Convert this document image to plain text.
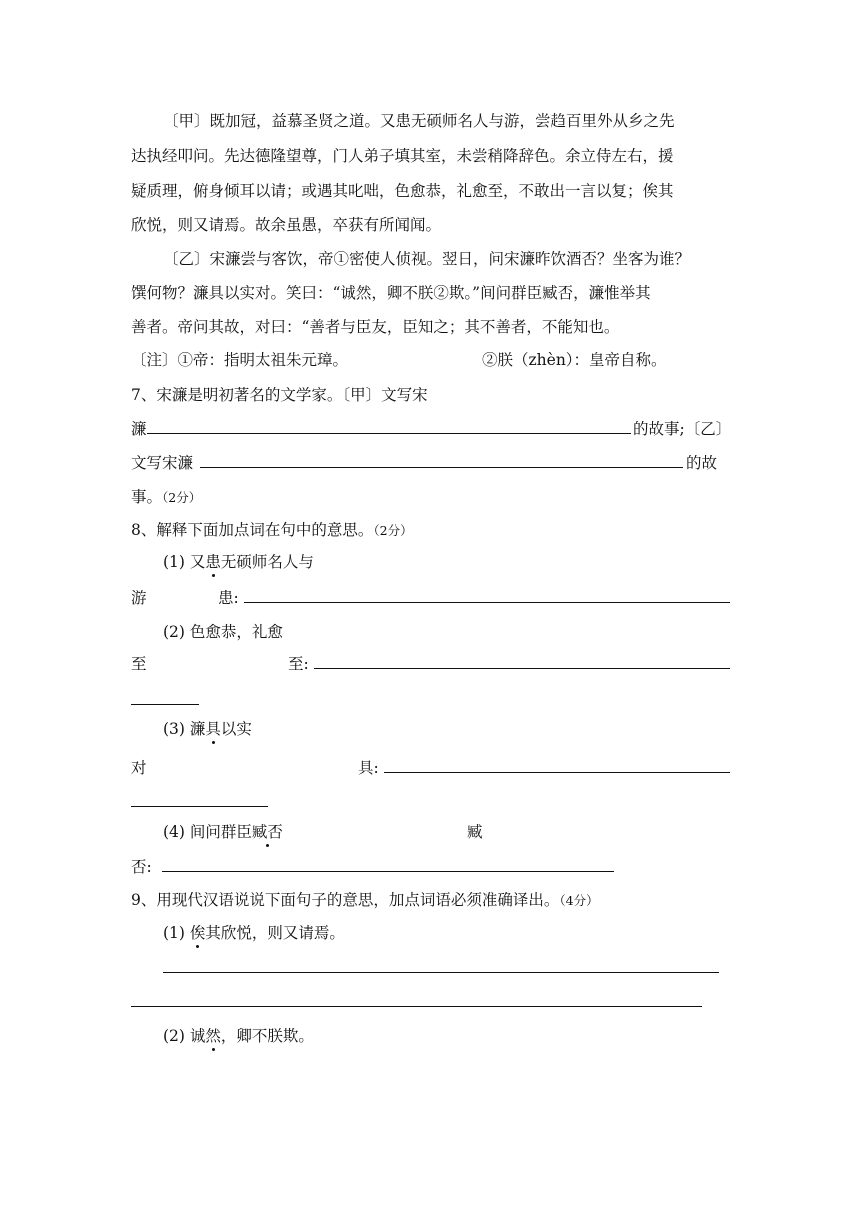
〔甲〕既加冠，益慕圣贤之道。又患无硕师名人与游，尝趋百里外从乡之先
达执经叩问。先达德隆望尊，门人弟子填其室，未尝稍降辞色。余立侍左右，援
疑质理，俯身倾耳以请；或遇其叱咄，色愈恭，礼愈至，不敢出一言以复；俟其
欣悦，则又请焉。故余虽愚，卒获有所闻闻。
〔乙〕宋濂尝与客饮，帝①密使人侦视。翌日，问宋濂昨饮酒否？坐客为谁？
馔何物？濂具以实对。笑曰：“诚然，卿不朕②欺。”间问群臣臧否，濂惟举其
善者。帝问其故，对曰：“善者与臣友，臣知之；其不善者，不能知也。
〔注〕①帝：指明太祖朱元璋。	②朕（zhèn）：皇帝自称。
7、宋濂是明初著名的文学家。〔甲〕文写宋
濂	的故事;〔乙〕
文写宋濂	的故
事。（2分）
8、解释下面加点词在句中的意思。（2分）
(1) 又患无硕师名人与
游	患:
(2) 色愈恭，礼愈
至	至:
(3) 濂具以实
对	具:
(4) 间问群臣臧否	臧
否:
9、用现代汉语说说下面句子的意思，加点词语必须准确译出。（4分）
(1) 俟其欣悦，则又请焉。
(2) 诚然，卿不朕欺。
